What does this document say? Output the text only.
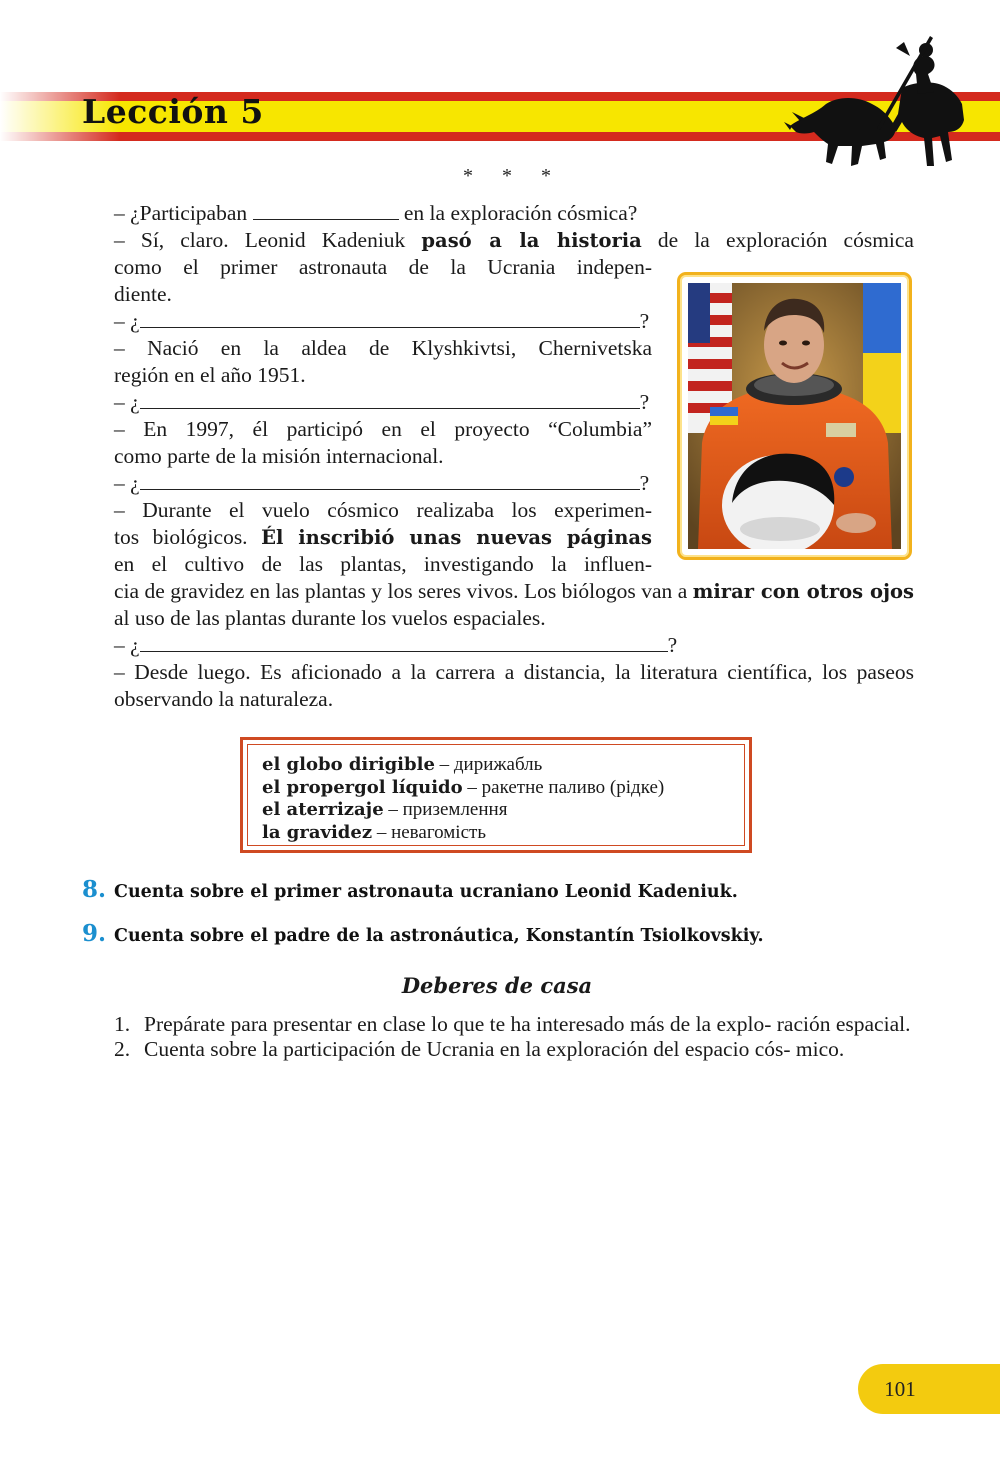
Lección 5
* * *

– ¿Participaban	en la exploración cósmica?

– Sí, claro. Leonid Kadeniuk pasó a la historia de la exploración cósmica

como el primer astronauta de la Ucrania indepen-

diente.

– ¿	?

– Nació en la aldea de Klyshkivtsi, Chernivetska

región en el año 1951.

– ¿	?

– En 1997, él participó en el proyecto “Columbia”

como parte de la misión internacional.

– ¿	?

– Durante el vuelo cósmico realizaba los experimen-

tos biológicos. Él inscribió unas nuevas páginas

en el cultivo de las plantas, investigando la influen-

cia de gravidez en las plantas y los seres vivos. Los biólogos van a mirar con otros ojos al uso de las plantas durante los vuelos espaciales.

– ¿	?

– Desde luego. Es aficionado a la carrera a distancia, la literatura científica, los paseos observando la naturaleza.

el globo dirigible – дирижабль
el propergol líquido – ракетне паливо (рідке)
el aterrizaje – приземлення
la gravidez – невагомість
8. Cuenta sobre el primer astronauta ucraniano Leonid Kadeniuk.
9. Cuenta sobre el padre de la astronáutica, Konstantín Tsiolkovskiy.
Deberes de casa
1. Prepárate para presentar en clase lo que te ha interesado más de la explo- ración espacial.
2. Cuenta sobre la participación de Ucrania en la exploración del espacio cós- mico.
101
